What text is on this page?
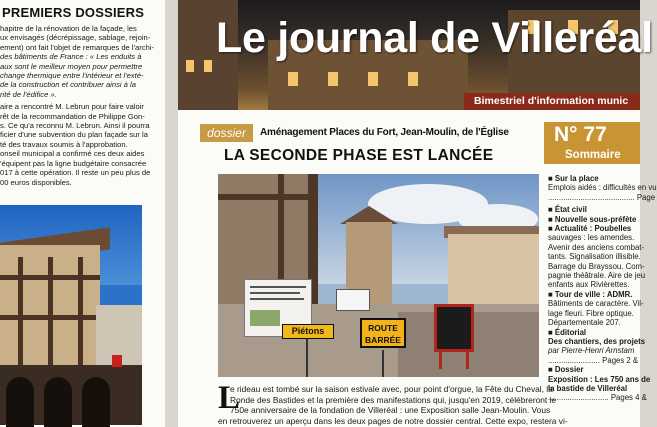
PREMIERS DOSSIERS

hapitre de la rénovation de la façade, les

ux envisagés (décrépissage, sablage, rejoin-

ement) ont fait l'objet de remarques de l'archi-

des bâtiments de France : « Les enduits à

aux sont le meilleur moyen pour permettre

change thermique entre l'intérieur et l'exté-

de la construction et contribuer ainsi à la

rité de l'édifice ».

aire a rencontré M. Lebrun pour faire valoir

rêt de la recommandation de Philippe Gon-

s. Ce qu'a reconnu M. Lebrun. Ainsi il pourra

ficier d'une subvention du plan façade sur la

té des travaux soumis à l'approbation.

onseil municipal a confirmé ces deux aides

'équipent pas la ligne budgétaire consacrée

017 à cette opération. Il reste un peu plus de

00 euros disponibles.

Le journal de Villeréal
Bimestriel d'information munic
dossier	Aménagement Places du Fort, Jean-Moulin, de l'Église
LA SECONDE PHASE EST LANCÉE
Piétons	ROUTE
BARRÉE
L

e rideau est tombé sur la saison estivale avec, pour point d'orgue, la Fête du Cheval, la

Ronde des Bastides et la première des manifestations qui, jusqu'en 2019, célébreront le

750e anniversaire de la fondation de Villeréal : une Exposition salle Jean-Moulin. Vous

en retrouverez un aperçu dans les deux pages de notre dossier central. Cette expo, restera vi-

N° 77
Sommaire

■ Sur la place

Emplois aidés : difficultés en vu

........................................ Page

■ État civil

■ Nouvelle sous-préfète

■ Actualité : Poubelles

sauvages : les amendes.

Avenir des anciens combat-

tants. Signalisation illisible.

Barrage du Brayssou. Com-

pagnie théâtrale. Aire de jeu

enfants aux Rivièrettes.

■ Tour de ville : ADMR.

Bâtiments de caractère. Vil-

lage fleuri. Fibre optique.

Départementale 207.

■ Éditorial

Des chantiers, des projets

par Pierre-Henri Arnstam

........................ Pages 2 &

■ Dossier

Exposition : Les 750 ans de

la bastide de Villeréal

............................ Pages 4 &
